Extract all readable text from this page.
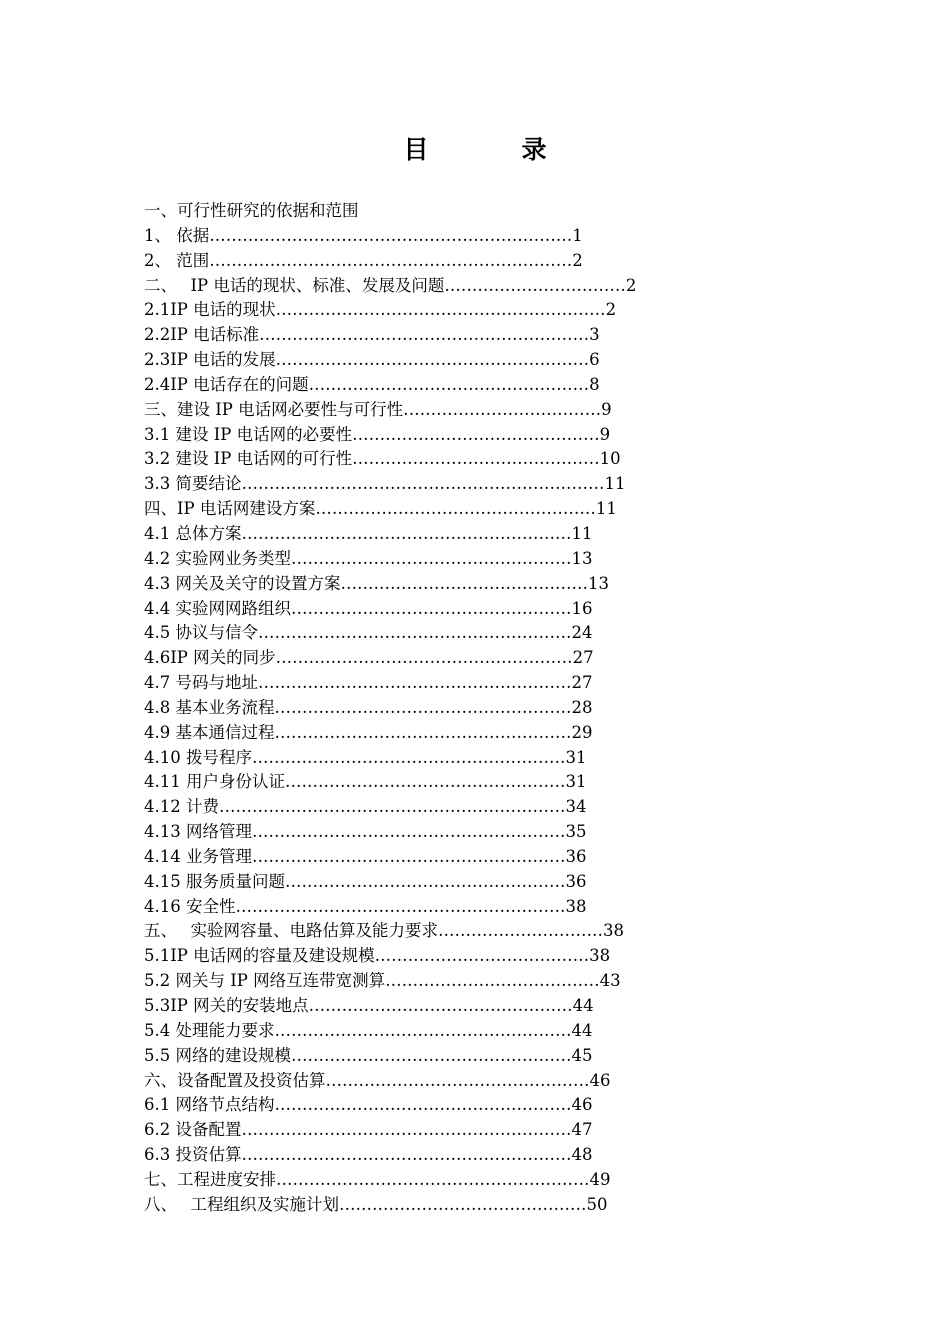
目　录
一、可行性研究的依据和范围
1、 依据…………………………………………………………1
2、 范围…………………………………………………………2
二、　 IP 电话的现状、标准、发展及问题……………………………2
2.1IP 电话的现状……………………………………………………2
2.2IP 电话标准……………………………………………………3
2.3IP 电话的发展…………………………………………………6
2.4IP 电话存在的问题……………………………………………8
三、建设 IP 电话网必要性与可行性………………………………9
3.1 建设 IP 电话网的必要性………………………………………9
3.2 建设 IP 电话网的可行性………………………………………10
3.3 简要结论…………………………………………………………11
四、IP 电话网建设方案……………………………………………11
4.1 总体方案……………………………………………………11
4.2 实验网业务类型……………………………………………13
4.3 网关及关守的设置方案………………………………………13
4.4 实验网网路组织……………………………………………16
4.5 协议与信令…………………………………………………24
4.6IP 网关的同步………………………………………………27
4.7 号码与地址…………………………………………………27
4.8 基本业务流程………………………………………………28
4.9 基本通信过程………………………………………………29
4.10 拨号程序…………………………………………………31
4.11 用户身份认证……………………………………………31
4.12 计费………………………………………………………34
4.13 网络管理…………………………………………………35
4.14 业务管理…………………………………………………36
4.15 服务质量问题……………………………………………36
4.16 安全性……………………………………………………38
五、　 实验网容量、电路估算及能力要求…………………………38
5.1IP 电话网的容量及建设规模…………………………………38
5.2 网关与 IP 网络互连带宽测算…………………………………43
5.3IP 网关的安装地点…………………………………………44
5.4 处理能力要求………………………………………………44
5.5 网络的建设规模……………………………………………45
六、设备配置及投资估算…………………………………………46
6.1 网络节点结构………………………………………………46
6.2 设备配置……………………………………………………47
6.3 投资估算……………………………………………………48
七、工程进度安排…………………………………………………49
八、　 工程组织及实施计划………………………………………50
